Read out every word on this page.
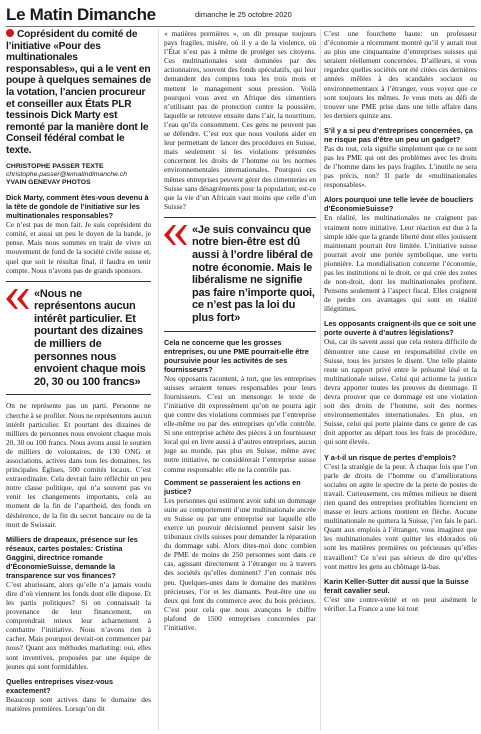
Le Matin Dimanche	dimanche le 25 octobre 2020

Coprésident du comité de l’initiative «Pour des multinationales responsables», qui a le vent en poupe à quelques semaines de la votation, l’ancien procureur et conseiller aux États PLR tessinois Dick Marty est remonté par la manière dont le Conseil fédéral combat le texte.

CHRISTOPHE PASSER TEXTE
christophe.passer@lematindimanche.ch
YVAIN GENEVAY PHOTOS

Dick Marty, comment êtes-vous devenu à la tête de gondole de l’initiative sur les multinationales responsables?

Ce n’est pas de mon fait. Je suis coprésident du comité, et aussi un peu le doyen de la bande, je pense. Mais nous sommes en train de vivre un mouvement de fond de la société civile suisse et, quel que soit le résultat final, il faudra en tenir compte. Nous n’avons pas de grands sponsors.

«Nous ne représentons aucun intérêt particulier. Et pourtant des dizaines de milliers de personnes nous envoient chaque mois 20, 30 ou 100 francs»

On ne représente pas un parti. Personne ne cherche à se profiler. Nous ne représentons aucun intérêt particulier. Et pourtant des dizaines de milliers de personnes nous envoient chaque mois 20, 30 ou 100 francs. Nous avons aussi le soutien de milliers de volontaires, de 130 ONG et associations, actives dans tous les domaines, les principales Églises, 500 comités locaux. C’est extraordinaire. Cela devrait faire réfléchir un peu notre classe politique, qui n’a souvent pas vu venir les changements importants, cela au moment de la fin de l’apartheid, des fonds en déshérence, de la fin du secret bancaire ou de la mort de Swissair.

Milliers de drapeaux, présence sur les réseaux, cartes postales: Cristina Gaggini, directrice romande d’ÉconomieSuisse, demande la transparence sur vos finances?

C’est ahurissant, alors qu’elle n’a jamais voulu dire d’où viennent les fonds dont elle dispose. Et les partis politiques? Si on connaissait la provenance de leur financement, on comprendrait mieux leur acharnement à combattre l’initiative. Nous n’avons rien à cacher. Mais pourquoi devrait-on commencer par nous? Quant aux méthodes marketing: oui, elles sont inventives, proposées par une équipe de jeunes qui sont formidables.

Quelles entreprises visez-vous exactement?

Beaucoup sont actives dans le domaine des matières premières. Lorsqu’on dit

« matières premières », on dit presque toujours pays fragiles, misère, où il y a de la violence, où l’État n’est pas à même de protéger ses citoyens. Ces multinationales sont dominées par des actionnaires, souvent des fonds spéculatifs, qui leur demandent des comptes tous les trois mois et mettent le management sous pression. Voilà pourquoi vous avez en Afrique des cimentiers n’utilisant pas de protection contre la poussière, laquelle se retrouve ensuite dans l’air, la nourriture, l’eau qu’ils consomment. Ces gens ne peuvent pas se défendre. C’est eux que nous voulons aider en leur permettant de lancer des procédures en Suisse, mais seulement si les violations présumées concernent les droits de l’homme ou les normes environnementales internationales. Pourquoi ces mêmes entreprises peuvent gérer des cimenteries en Suisse sans désagréments pour la population; est-ce que la vie d’un Africain vaut moins que celle d’un Suisse?

«Je suis convaincu que notre bien-être est dû aussi à l’ordre libéral de notre économie. Mais le libéralisme ne signifie pas faire n’importe quoi, ce n’est pas la loi du plus fort»

Cela ne concerne que les grosses entreprises, ou une PME pourrait-elle être poursuivie pour les activités de ses fournisseurs?

Nos opposants racontent, à tort, que les entreprises suisses seraient tenues responsables pour leurs fournisseurs. C’est un mensonge: le texte de l’initiative dit expressément qu’on ne pourra agir que contre des violations commises par l’entreprise elle-même ou par des entreprises qu’elle contrôle. Si une entreprise achète des pièces à un fournisseur local qui en livre aussi à d’autres entreprises, aucun juge au monde, pas plus en Suisse, même avec notre initiative, ne considérerait l’entreprise suisse comme responsable: elle ne la contrôle pas.

Comment se passeraient les actions en justice?

Les personnes qui estiment avoir subi un dommage suite au comportement d’une multinationale ancrée en Suisse ou par une entreprise sur laquelle elle exerce un pouvoir décisionnel peuvent saisir les tribunaux civils suisses pour demander la réparation du dommage subi. Alors dites-moi donc combien de PME de moins de 250 personnes sont dans ce cas, agissant directement à l’étranger ou à travers des sociétés qu’elles dominent? J’en connais très peu. Quelques-unes dans le domaine des matières précieuses, l’or et les diamants. Peut-être une ou deux qui font du commerce avec du bois précieux. C’est pour cela que nous avançons le chiffre plafond de 1500 entreprises concernées par l’initiative.

C’est une fourchette haute: un professeur d’économie a récemment montré qu’il y aurait tout au plus une cinquantaine d’entreprises suisses qui seraient réellement concernées. D’ailleurs, si vous regardez quelles sociétés ont été citées ces dernières années mêlées à des scandales sociaux ou environnementaux à l’étranger, vous voyez que ce sont toujours les mêmes. Je vous mets au défi de trouver une PME prise dans une telle affaire dans les derniers quinze ans.

S’il y a si peu d’entreprises concernées, ça ne risque pas d’être un peu un gadget?

Pas du tout, cela signifie simplement que ce ne sont pas les PME qui ont des problèmes avec les droits de l’homme dans les pays fragiles. L’inutile ne sera pas précis, non? Il parle de «multinationales responsables».

Alors pourquoi une telle levée de boucliers d’ÉconomieSuisse?

En réalité, les multinationales ne craignent pas vraiment notre initiative. Leur réaction est due à la simple idée que la grande liberté dont elles jouissent maintenant pourrait être limitée. L’initiative suisse pourrait avoir une portée symbolique, une vertu pionnière. La mondialisation concerne l’économie, pas les institutions ni le droit, ce qui crée des zones de non-droit, dont les multinationales profitent. Pensons seulement à l’aspect fiscal. Elles craignent de perdre ces avantages qui sont en réalité illégitimes.

Les opposants craignent-ils que ce soit une porte ouverte à d’autres législations?

Oui, car ils savent aussi que cela restera difficile de démontrer une cause en responsabilité civile en Suisse, tous les juristes le disent. Une telle plainte reste un rapport privé entre le présumé lésé et la multinationale suisse. Celui qui actionne la justice devra apporter toutes les preuves du dommage. Il devra prouver que ce dommage est une violation soit des droits de l’homme, soit des normes environnementales internationales. En plus, en Suisse, celui qui porte plainte dans ce genre de cas doit apporter au départ tous les frais de procédure, qui sont élevés.

Y a-t-il un risque de pertes d’emplois?

C’est la stratégie de la peur. À chaque fois que l’on parle de droits de l’homme ou d’améliorations sociales on agite le spectre de la perte de postes de travail. Curieusement, ces mêmes milieux ne disent rien quand des entreprises profitables licencient en masse et leurs actions montent en flèche. Aucune multinationale ne quittera la Suisse, j’en fais le pari. Quant aux emplois à l’étranger, vous imaginez que les multinationales vont quitter les eldorados où sont les matières premières ou précieuses qu’elles travaillent? Ce n’est pas sérieux de dire qu’elles vont mettre les gens au chômage là-bas.

Karin Keller-Sutter dit aussi que la Suisse ferait cavalier seul.

C’est une contre-vérité et on peut aisément le vérifier. La France a une loi tout
